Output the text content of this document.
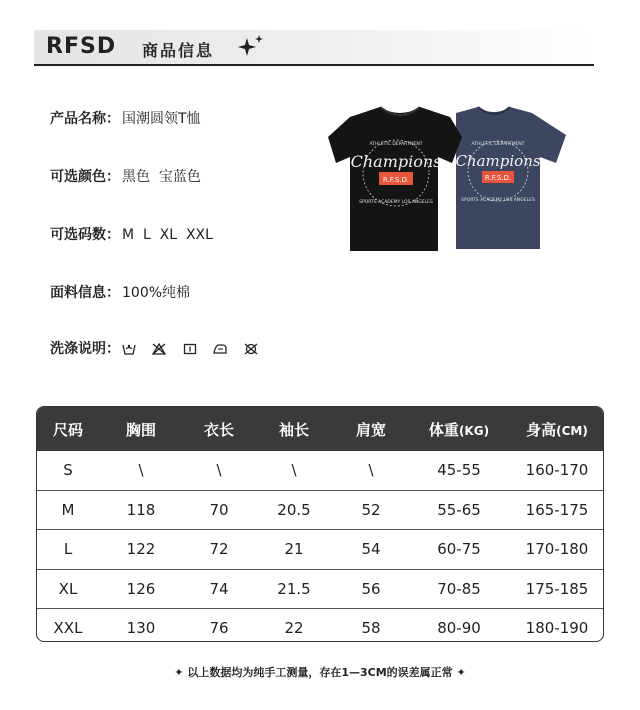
RFSD 商品信息
产品名称： 国潮圆领T恤
可选颜色： 黑色  宝蓝色
可选码数： M  L  XL  XXL
面料信息： 100%纯棉
洗涤说明：
Champions
R.F.S.D.
ATHLETIC DEPARTMENT
SPORTS ACADEMY LOS ANGELES
Champions
R.F.S.D.
ATHLETIC DEPARTMENT
SPORTS ACADEMY LOS ANGELES
尺码	胸围	衣长	袖长	肩宽	体重(KG)	身高(CM)
S	\	\	\	\	45-55	160-170
M	118	70	20.5	52	55-65	165-175
L	122	72	21	54	60-75	170-180
XL	126	74	21.5	56	70-85	175-185
XXL	130	76	22	58	80-90	180-190
✦ 以上数据均为纯手工测量，存在1—3CM的误差属正常 ✦
